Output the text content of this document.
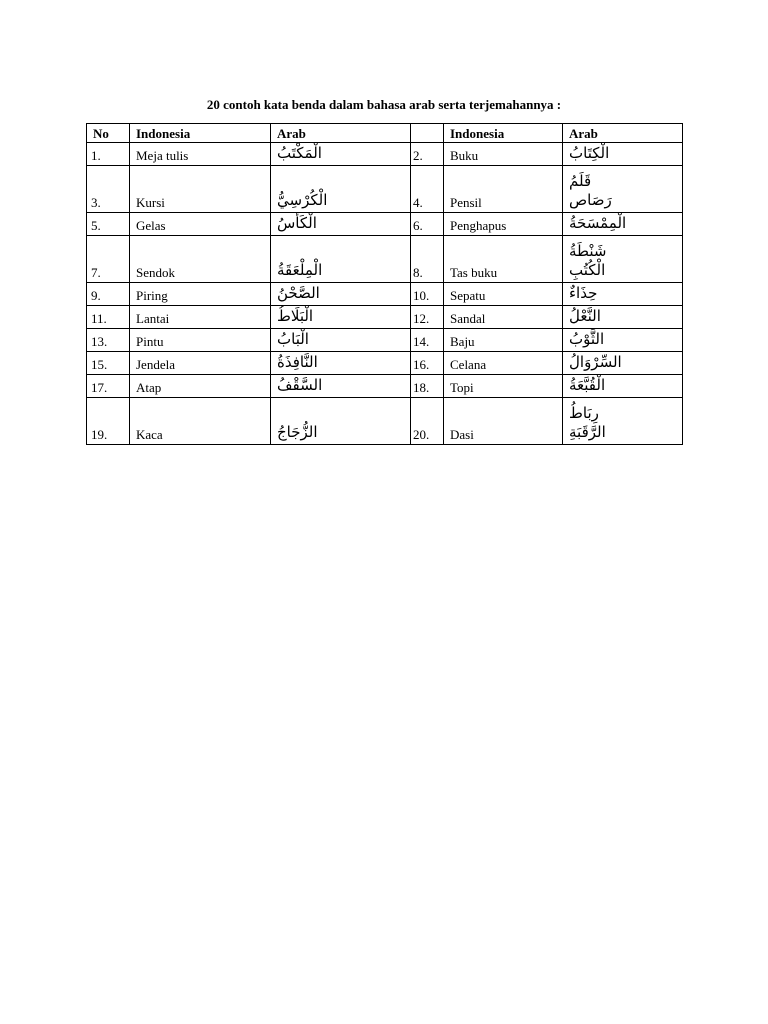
20 contoh kata benda dalam bahasa arab serta terjemahannya :
No	Indonesia	Arab		Indonesia	Arab
1.	Meja tulis	الْمَكْتَبُ	2.	Buku	الْكِتَابُ

3.	Kursi	الْكُرْسِيُّ	4.	Pensil	قَلَمُ
رَصَاص

5.	Gelas	الْكَأْسُ	6.	Penghapus	الْمِمْسَحَةُ

7.	Sendok	الْمِلْعَقَةُ	8.	Tas buku	شَنْطَةُ
الْكُتُبِ

9.	Piring	الصَّحْنُ	10.	Sepatu	حِذَاءٌ

11.	Lantai	الْبَلَاطُ	12.	Sandal	النَّعْلُ

13.	Pintu	الْبَابُ	14.	Baju	الثَّوْبُ

15.	Jendela	النَّافِذَةُ	16.	Celana	السِّرْوَالُ

17.	Atap	السَّقْفُ	18.	Topi	الْقُبَّعَةُ

19.	Kaca	الزُّجَاجُ	20.	Dasi	رِبَاطُ
الرَّقَبَةِ
